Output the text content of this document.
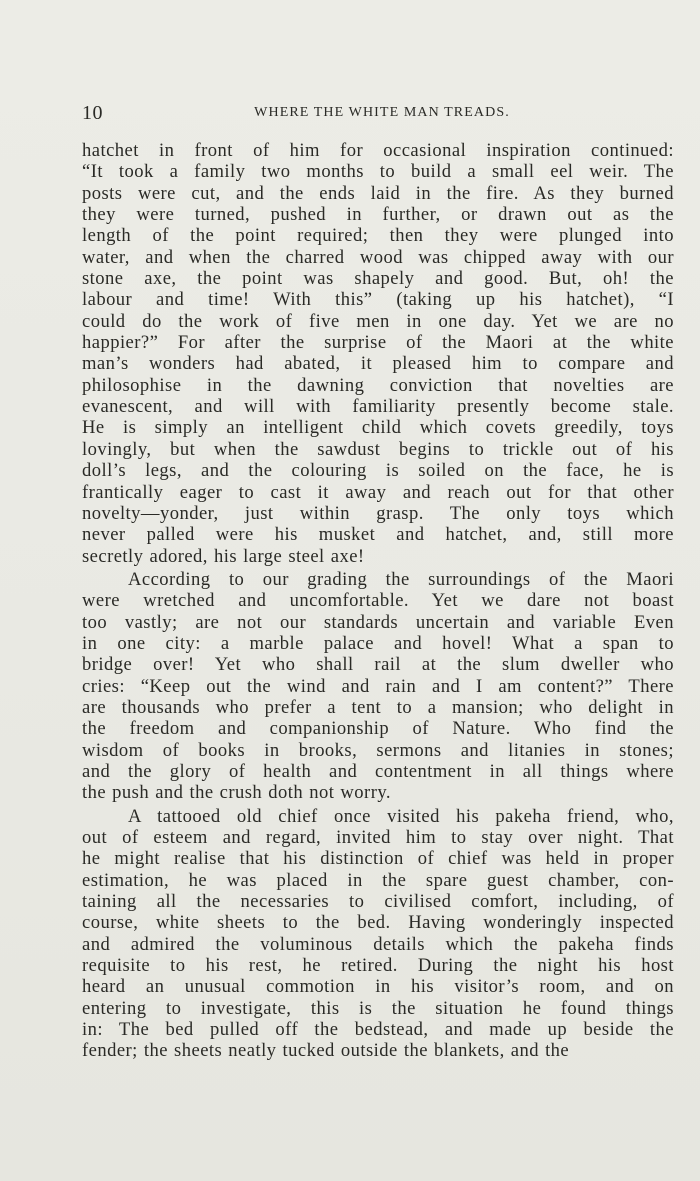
10	WHERE THE WHITE MAN TREADS.
hatchet in front of him for occasional inspiration continued:
“It took a family two months to build a small eel weir. The
posts were cut, and the ends laid in the fire. As they burned
they were turned, pushed in further, or drawn out as the
length of the point required; then they were plunged into
water, and when the charred wood was chipped away with our
stone axe, the point was shapely and good. But, oh! the
labour and time! With this” (taking up his hatchet), “I
could do the work of five men in one day. Yet we are no
happier?” For after the surprise of the Maori at the white
man’s wonders had abated, it pleased him to compare and
philosophise in the dawning conviction that novelties are
evanescent, and will with familiarity presently become stale.
He is simply an intelligent child which covets greedily, toys
lovingly, but when the sawdust begins to trickle out of his
doll’s legs, and the colouring is soiled on the face, he is
frantically eager to cast it away and reach out for that other
novelty—yonder, just within grasp. The only toys which
never palled were his musket and hatchet, and, still more
secretly adored, his large steel axe!
According to our grading the surroundings of the Maori
were wretched and uncomfortable. Yet we dare not boast
too vastly; are not our standards uncertain and variable Even
in one city: a marble palace and hovel! What a span to
bridge over! Yet who shall rail at the slum dweller who
cries: “Keep out the wind and rain and I am content?” There
are thousands who prefer a tent to a mansion; who delight in
the freedom and companionship of Nature. Who find the
wisdom of books in brooks, sermons and litanies in stones;
and the glory of health and contentment in all things where
the push and the crush doth not worry.
A tattooed old chief once visited his pakeha friend, who,
out of esteem and regard, invited him to stay over night. That
he might realise that his distinction of chief was held in proper
estimation, he was placed in the spare guest chamber, con-
taining all the necessaries to civilised comfort, including, of
course, white sheets to the bed. Having wonderingly inspected
and admired the voluminous details which the pakeha finds
requisite to his rest, he retired. During the night his host
heard an unusual commotion in his visitor’s room, and on
entering to investigate, this is the situation he found things
in: The bed pulled off the bedstead, and made up beside the
fender; the sheets neatly tucked outside the blankets, and the
